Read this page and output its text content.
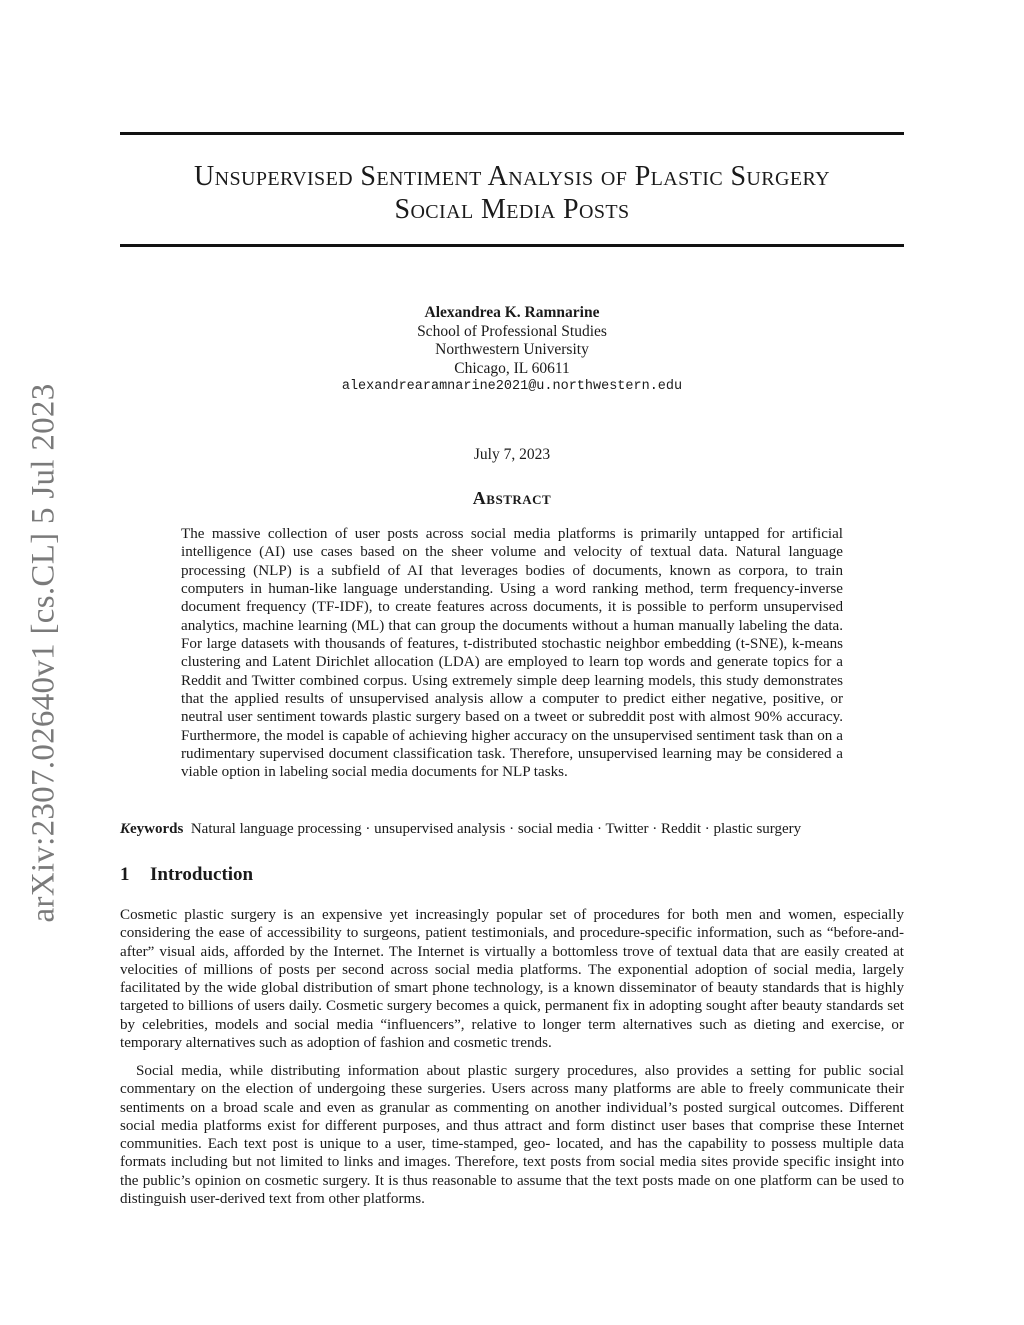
Unsupervised Sentiment Analysis of Plastic Surgery
Social Media Posts
Alexandrea K. Ramnarine
School of Professional Studies
Northwestern University
Chicago, IL 60611
alexandrearamnarine2021@u.northwestern.edu
July 7, 2023
Abstract

The massive collection of user posts across social media platforms is primarily untapped for artificial intelligence (AI) use cases based on the sheer volume and velocity of textual data. Natural language processing (NLP) is a subfield of AI that leverages bodies of documents, known as corpora, to train computers in human-like language understanding. Using a word ranking method, term frequency-inverse document frequency (TF-IDF), to create features across documents, it is possible to perform unsupervised analytics, machine learning (ML) that can group the documents without a human manually labeling the data. For large datasets with thousands of features, t-distributed stochastic neighbor embedding (t-SNE), k-means clustering and Latent Dirichlet allocation (LDA) are employed to learn top words and generate topics for a Reddit and Twitter combined corpus. Using extremely simple deep learning models, this study demonstrates that the applied results of unsupervised analysis allow a computer to predict either negative, positive, or neutral user sentiment towards plastic surgery based on a tweet or subreddit post with almost 90% accuracy. Furthermore, the model is capable of achieving higher accuracy on the unsupervised sentiment task than on a rudimentary supervised document classification task. Therefore, unsupervised learning may be considered a viable option in labeling social media documents for NLP tasks.

Keywords Natural language processing · unsupervised analysis · social media · Twitter · Reddit · plastic surgery
1 Introduction

Cosmetic plastic surgery is an expensive yet increasingly popular set of procedures for both men and women, especially considering the ease of accessibility to surgeons, patient testimonials, and procedure-specific information, such as “before-and-after” visual aids, afforded by the Internet. The Internet is virtually a bottomless trove of textual data that are easily created at velocities of millions of posts per second across social media platforms. The exponential adoption of social media, largely facilitated by the wide global distribution of smart phone technology, is a known disseminator of beauty standards that is highly targeted to billions of users daily. Cosmetic surgery becomes a quick, permanent fix in adopting sought after beauty standards set by celebrities, models and social media “influencers”, relative to longer term alternatives such as dieting and exercise, or temporary alternatives such as adoption of fashion and cosmetic trends.

Social media, while distributing information about plastic surgery procedures, also provides a setting for public social commentary on the election of undergoing these surgeries. Users across many platforms are able to freely communicate their sentiments on a broad scale and even as granular as commenting on another individual’s posted surgical outcomes. Different social media platforms exist for different purposes, and thus attract and form distinct user bases that comprise these Internet communities. Each text post is unique to a user, time-stamped, geo- located, and has the capability to possess multiple data formats including but not limited to links and images. Therefore, text posts from social media sites provide specific insight into the public’s opinion on cosmetic surgery. It is thus reasonable to assume that the text posts made on one platform can be used to distinguish user-derived text from other platforms.

arXiv:2307.02640v1 [cs.CL] 5 Jul 2023
